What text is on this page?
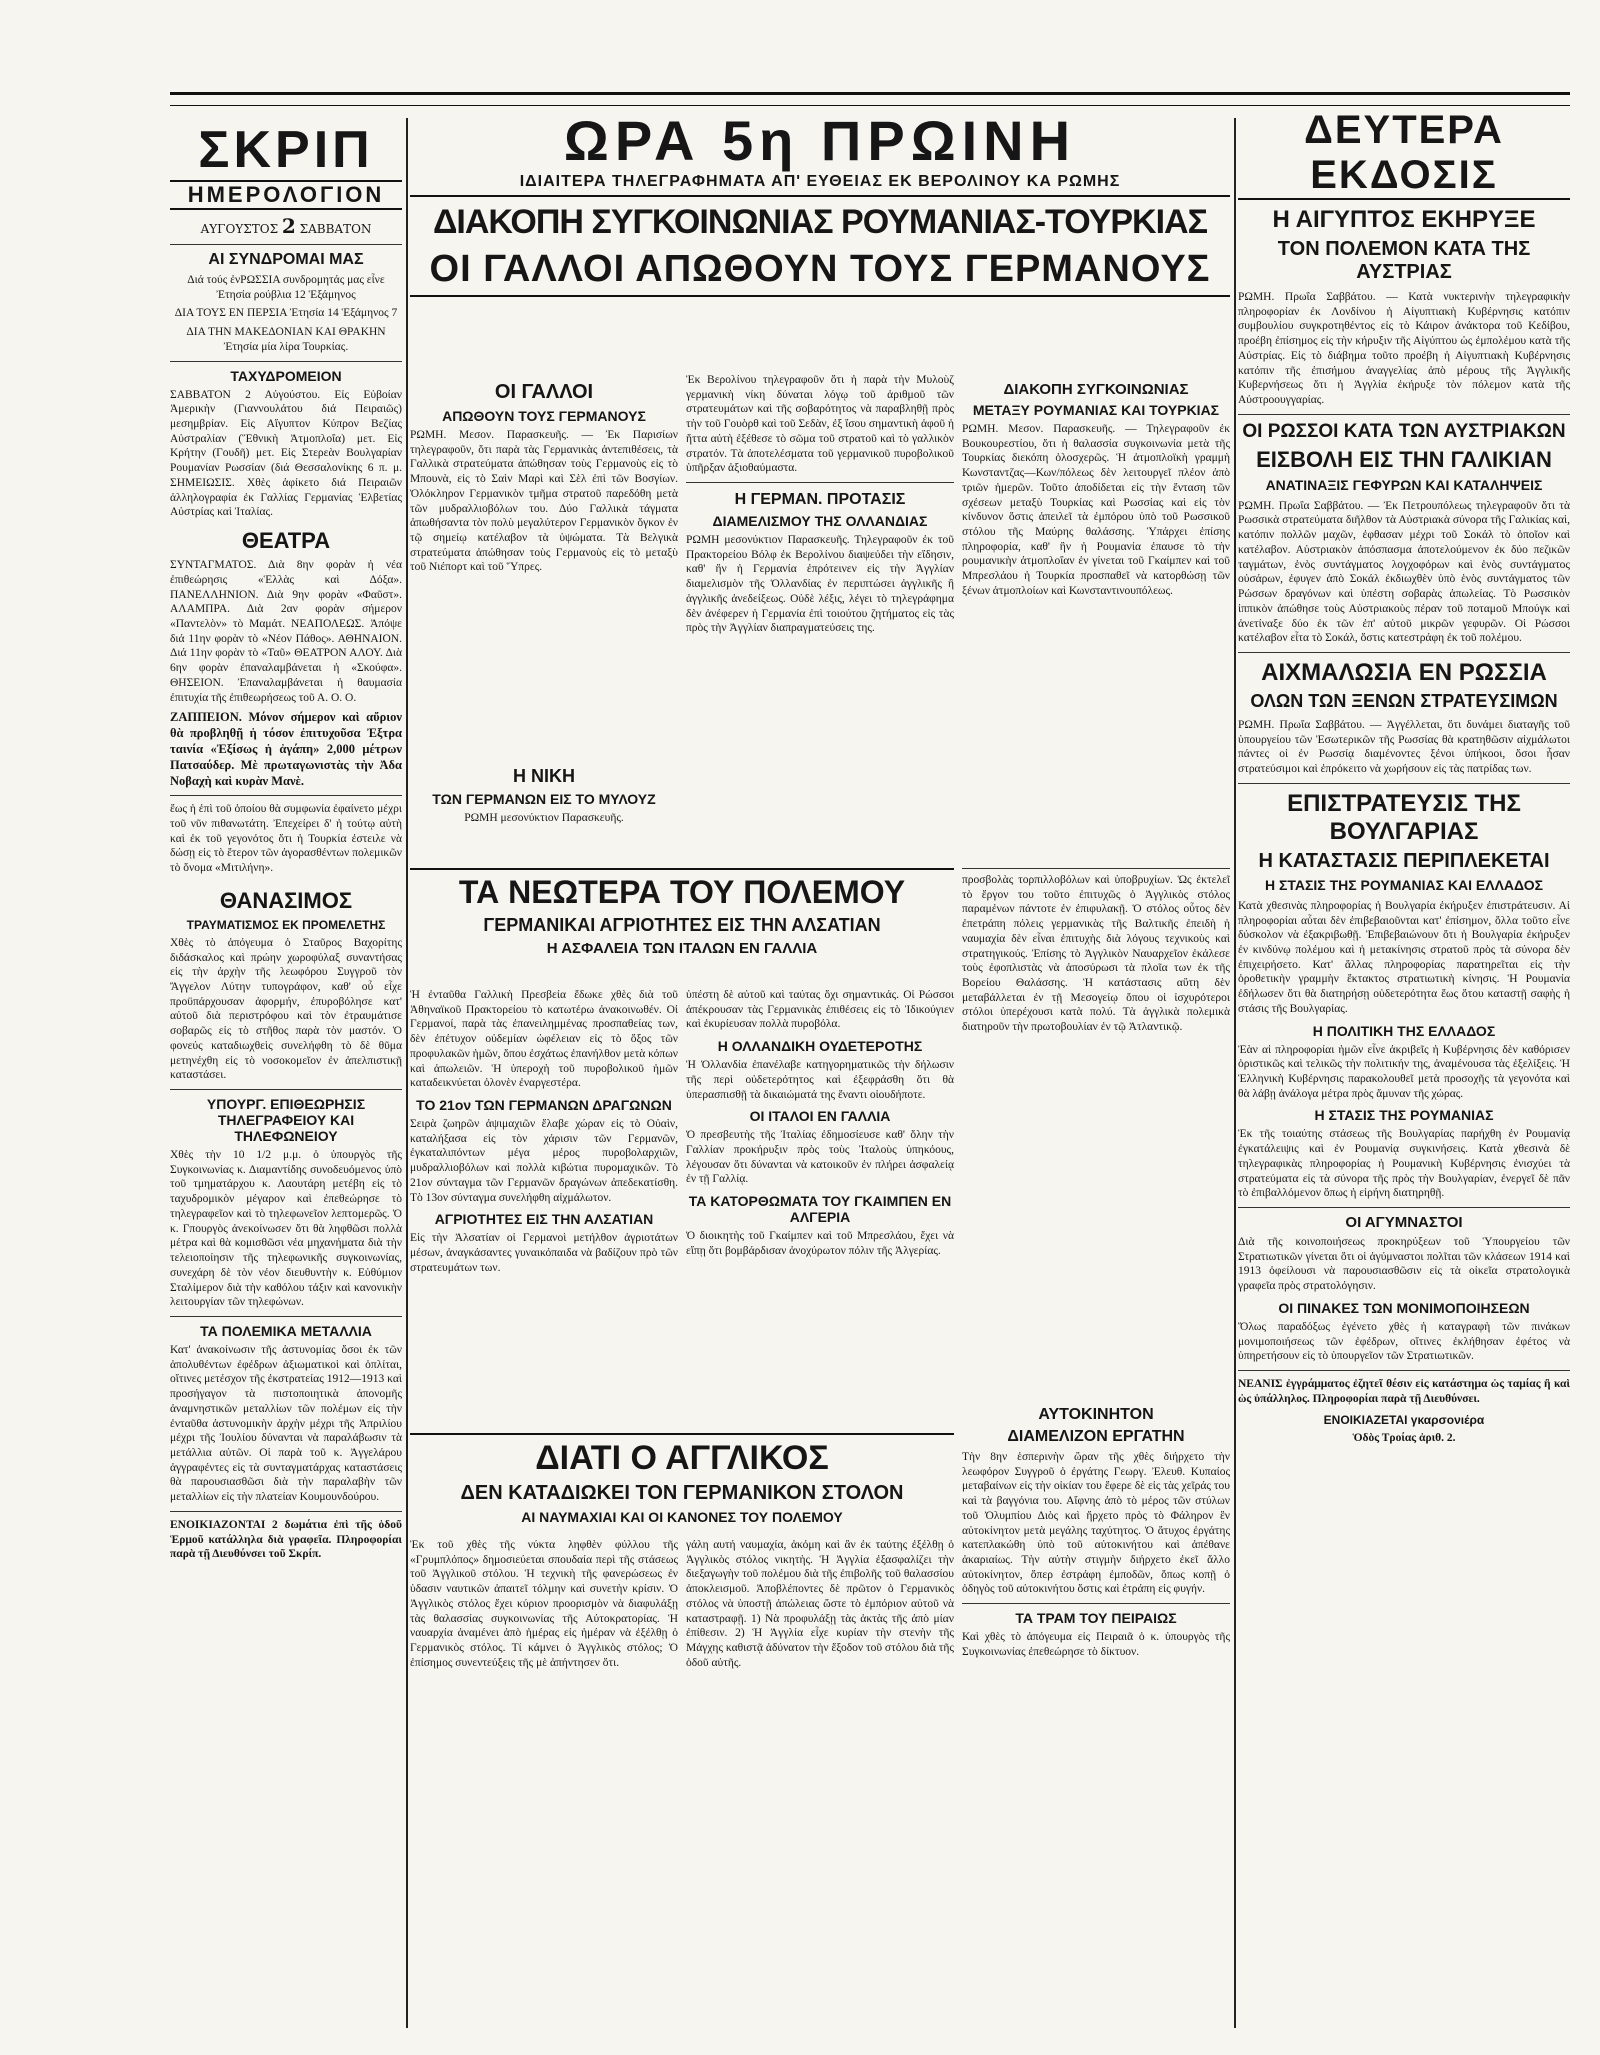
ΣΚΡΙΠ
ΗΜΕΡΟΛΟΓΙΟΝ
ΑΥΓΟΥΣΤΟΣ 2 ΣΑΒΒΑΤΟΝ
ΑΙ ΣΥΝΔΡΟΜΑΙ ΜΑΣ

Διά τούς ἐνΡΩΣΣΙΑ συνδρομητάς μας εἶνε Ἐτησία ρούβλια 12 Ἑξάμηνος

ΔΙΑ ΤΟΥΣ ΕΝ ΠΕΡΣΙΑ Ἐτησία 14 Ἑξάμηνος 7

ΔΙΑ ΤΗΝ ΜΑΚΕΔΟΝΙΑΝ ΚΑΙ ΘΡΑΚΗΝ Ἐτησία μία λίρα Τουρκίας.

ΤΑΧΥΔΡΟΜΕΙΟΝ

ΣΑΒΒΑΤΟΝ 2 Αὐγούστου. Εἰς Εὐβοίαν Ἀμερικὴν (Γιαννουλάτου διά Πειραιῶς) μεσημβρίαν. Εἰς Αἴγυπτον Κύπρον Βεζίας Αὐστραλίαν (Ἕθνικὴ Ἀτμοπλοΐα) μετ. Εἰς Κρήτην (Γουδῆ) μετ. Εἰς Στερεὰν Βουλγαρίαν Ρουμανίαν Ρωσσίαν (διά Θεσσαλονίκης 6 π. μ. ΣΗΜΕΙΩΣΙΣ. Χθὲς ἀφίκετο διά Πειραιῶν ἀλληλογραφία ἐκ Γαλλίας Γερμανίας Ἑλβετίας Αὐστρίας καὶ Ἰταλίας.

ΘΕΑΤΡΑ

ΣΥΝΤΑΓΜΑΤΟΣ. Διὰ 8ην φορὰν ἡ νέα ἐπιθεώρησις «Ἑλλὰς καὶ Δόξα». ΠΑΝΕΛΛΗΝΙΟΝ. Διὰ 9ην φορὰν «Φαῦστ». ΑΛΑΜΠΡΑ. Διὰ 2αν φορὰν σήμερον «Παντελὸν» τὸ Μαμάτ. ΝΕΑΠΟΛΕΩΣ. Ἀπόψε διά 11ην φορὰν τὸ «Νέον Πάθος». ΑΘΗΝΑΙΟΝ. Διά 11ην φορὰν τὸ «Ταῦ» ΘΕΑΤΡΟΝ ΑΛΟΥ. Διὰ 6ην φορὰν ἐπαναλαμβάνεται ἡ «Σκούφα». ΘΗΣΕΙΟΝ. Ἐπαναλαμβάνεται ἡ θαυμασία ἐπιτυχία τῆς ἐπιθεωρήσεως τοῦ Α. Ο. Ο.

ΖΑΠΠΕΙΟΝ. Μόνον σήμερον καὶ αὔριον θὰ προβληθῇ ἡ τόσον ἐπιτυχοῦσα Ἐξτρα ταινία «Ἐξίσως ἡ ἀγάπη» 2,000 μέτρων Πατσαύδερ. Μὲ πρωταγωνιστὰς τὴν Ἀδα Νοβαχὴ καὶ κυρὰν Μανὲ.

ἕως ἡ ἐπὶ τοῦ ὁποίου θὰ συμφωνία ἐφαίνετο μέχρι τοῦ νῦν πιθανωτάτη. Ἐπεχείρει δ' ἡ τούτῳ αὐτὴ καὶ ἐκ τοῦ γεγονότος ὅτι ἡ Τουρκία ἐστειλε νὰ δώσῃ εἰς τὸ ἕτερον τῶν ἀγορασθέντων πολεμικῶν τὸ ὄνομα «Μιτιλήνη».

ΘΑΝΑΣΙΜΟΣ
ΤΡΑΥΜΑΤΙΣΜΟΣ ΕΚ ΠΡΟΜΕΛΕΤΗΣ

Χθὲς τὸ ἀπόγευμα ὁ Σταῦρος Βαχορίτης διδάσκαλος καὶ πρώην χωροφύλαξ συναντήσας εἰς τὴν ἀρχὴν τῆς λεωφόρου Συγγροῦ τὸν Ἄγγελον Λύτην τυπογράφον, καθ' οὗ εἶχε προϋπάρχουσαν ἀφορμήν, ἐπυροβόλησε κατ' αὐτοῦ διὰ περιστρόφου καὶ τὸν ἐτραυμάτισε σοβαρῶς εἰς τὸ στῆθος παρὰ τὸν μαστόν. Ὁ φονεύς καταδιωχθεὶς συνελήφθη τὸ δὲ θῦμα μετηνέχθη εἰς τὸ νοσοκομεῖον ἐν ἀπελπιστικῇ καταστάσει.

ΥΠΟΥΡΓ. ΕΠΙΘΕΩΡΗΣΙΣ ΤΗΛΕΓΡΑΦΕΙΟΥ ΚΑΙ ΤΗΛΕΦΩΝΕΙΟΥ

Χθὲς τὴν 10 1/2 μ.μ. ὁ ὑπουργὸς τῆς Συγκοινωνίας κ. Διαμαντίδης συνοδευόμενος ὑπὸ τοῦ τμηματάρχου κ. Λαουτάρη μετέβη εἰς τὸ ταχυδρομικὸν μέγαρον καὶ ἐπεθεώρησε τὸ τηλεγραφεῖον καὶ τὸ τηλεφωνεῖον λεπτομερῶς. Ὁ κ. Γπουργὸς ἀνεκοίνωσεν ὅτι θὰ ληφθῶσι πολλὰ μέτρα καὶ θὰ κομισθῶσι νέα μηχανήματα διὰ τὴν τελειοποίησιν τῆς τηλεφωνικῆς συγκοινωνίας, συνεχάρη δὲ τὸν νέον διευθυντὴν κ. Εὐθύμιον Σταλίμερον διὰ τὴν καθόλου τάξιν καὶ κανονικὴν λειτουργίαν τῶν τηλεφώνων.

ΤΑ ΠΟΛΕΜΙΚΑ ΜΕΤΑΛΛΙΑ

Κατ' ἀνακοίνωσιν τῆς ἀστυνομίας ὅσοι ἐκ τῶν ἀπολυθέντων ἐφέδρων ἀξιωματικοὶ καὶ ὁπλίται, οἵτινες μετέσχον τῆς ἐκστρατείας 1912—1913 καὶ προσήγαγον τὰ πιστοποιητικὰ ἀπονομῆς ἀναμνηστικῶν μεταλλίων τῶν πολέμων εἰς τὴν ἐνταῦθα ἀστυνομικὴν ἀρχὴν μέχρι τῆς Ἀπριλίου μέχρι τῆς Ἰουλίου δύνανται νὰ παραλάβωσιν τὰ μετάλλια αὐτῶν. Οἱ παρὰ τοῦ κ. Ἀγγελάρου ἀγγραφέντες εἰς τὰ συνταγματάρχας καταστάσεις θὰ παρουσιασθῶσι διὰ τὴν παραλαβὴν τῶν μεταλλίων εἰς τὴν πλατείαν Κουμουνδούρου.

ΕΝΟΙΚΙΑΖΟΝΤΑΙ 2 δωμάτια ἐπὶ τῆς ὁδοῦ Ἑρμοῦ κατάλληλα διὰ γραφεῖα. Πληροφορίαι παρὰ τῇ Διευθύνσει τοῦ Σκρίπ.

ΩΡΑ 5η ΠΡΩΙΝΗ
ΙΔΙΑΙΤΕΡΑ ΤΗΛΕΓΡΑΦΗΜΑΤΑ ΑΠ' ΕΥΘΕΙΑΣ ΕΚ ΒΕΡΟΛΙΝΟΥ ΚΑ ΡΩΜΗΣ
ΔΙΑΚΟΠΗ ΣΥΓΚΟΙΝΩΝΙΑΣ ΡΟΥΜΑΝΙΑΣ-ΤΟΥΡΚΙΑΣ
ΟΙ ΓΑΛΛΟΙ ΑΠΩΘΟΥΝ ΤΟΥΣ ΓΕΡΜΑΝΟΥΣ
ΟΙ ΓΑΛΛΟΙ
ΑΠΩΘΟΥΝ ΤΟΥΣ ΓΕΡΜΑΝΟΥΣ

ΡΩΜΗ. Μεσον. Παρασκευῆς. — Ἐκ Παρισίων τηλεγραφοῦν, ὅτι παρὰ τὰς Γερμανικὰς ἀντεπιθέσεις, τὰ Γαλλικὰ στρατεύματα ἀπώθησαν τοὺς Γερμανοὺς εἰς τὸ Μπουνὰ, εἰς τὸ Σαὶν Μαρὶ καὶ Σὲλ ἐπὶ τῶν Βοσγίων. Ὁλόκληρον Γερμανικὸν τμῆμα στρατοῦ παρεδόθη μετὰ τῶν μυδραλλιοβόλων του. Δύο Γαλλικὰ τάγματα ἀπωθήσαντα τὸν πολὺ μεγαλύτερον Γερμανικὸν ὄγκον ἐν τῷ σημείῳ κατέλαβον τὰ ὑψώματα. Τὰ Βελγικὰ στρατεύματα ἀπώθησαν τοὺς Γερμανοὺς εἰς τὸ μεταξὺ τοῦ Νιέπορτ καὶ τοῦ Ὕπρες.

Ἐκ Βερολίνου τηλεγραφοῦν ὅτι ἡ παρὰ τὴν Μυλοὺζ γερμανικὴ νίκη δύναται λόγῳ τοῦ ἀριθμοῦ τῶν στρατευμάτων καὶ τῆς σοβαρότητος νὰ παραβληθῇ πρὸς τὴν τοῦ Γουὸρθ καὶ τοῦ Σεδὰν, ἐξ ἴσου σημαντικὴ ἀφοῦ ἡ ἥττα αὐτὴ ἐξέθεσε τὸ σῶμα τοῦ στρατοῦ καὶ τὸ γαλλικὸν στρατόν. Τὰ ἀποτελέσματα τοῦ γερμανικοῦ πυροβολικοῦ ὑπῆρξαν ἀξιοθαύμαστα.

Η ΓΕΡΜΑΝ. ΠΡΟΤΑΣΙΣ
ΔΙΑΜΕΛΙΣΜΟΥ ΤΗΣ ΟΛΛΑΝΔΙΑΣ

ΡΩΜΗ μεσονύκτιον Παρασκευῆς. Τηλεγραφοῦν ἐκ τοῦ Πρακτορείου Βόλφ ἐκ Βερολίνου διαψεύδει τὴν εἴδησιν, καθ' ἣν ἡ Γερμανία ἐπρότεινεν εἰς τὴν Ἀγγλίαν διαμελισμὸν τῆς Ὁλλανδίας ἐν περιπτώσει ἀγγλικῆς ἢ ἀγγλικῆς ἀνεδείξεως. Οὐδὲ λέξις, λέγει τὸ τηλεγράφημα δὲν ἀνέφερεν ἡ Γερμανία ἐπὶ τοιούτου ζητήματος εἰς τὰς πρὸς τὴν Ἀγγλίαν διαπραγματεύσεις της.

Η ΝΙΚΗ
ΤΩΝ ΓΕΡΜΑΝΩΝ ΕΙΣ ΤΟ ΜΥΛΟΥΖ

ΡΩΜΗ μεσονύκτιον Παρασκευῆς.

ΔΙΑΚΟΠΗ ΣΥΓΚΟΙΝΩΝΙΑΣ
ΜΕΤΑΞΥ ΡΟΥΜΑΝΙΑΣ ΚΑΙ ΤΟΥΡΚΙΑΣ

ΡΩΜΗ. Μεσον. Παρασκευῆς. — Τηλεγραφοῦν ἐκ Βουκουρεστίου, ὅτι ἡ θαλασσία συγκοινωνία μετὰ τῆς Τουρκίας διεκόπη ὁλοσχερῶς. Ἡ ἀτμοπλοϊκὴ γραμμὴ Κωνσταντζας—Κων/πόλεως δὲν λειτουργεῖ πλέον ἀπὸ τριῶν ἡμερῶν. Τοῦτο ἀποδίδεται εἰς τὴν ἔνταση τῶν σχέσεων μεταξὺ Τουρκίας καὶ Ρωσσίας καὶ εἰς τὸν κίνδυνον ὅστις ἀπειλεῖ τὰ ἐμπόρου ὑπὸ τοῦ Ρωσσικοῦ στόλου τῆς Μαύρης θαλάσσης. Ὑπάρχει ἐπίσης πληροφορία, καθ' ἣν ἡ Ρουμανία ἐπαυσε τὸ τὴν ρουμανικὴν ἀτμοπλοΐαν ἐν γίνεται τοῦ Γκαίμπεν καὶ τοῦ Μπρεσλάου ἡ Τουρκία προσπαθεῖ νὰ κατορθώσῃ τῶν ξένων ἀτμοπλοίων καὶ Κωνσταντινουπόλεως.

ΤΑ ΝΕΩΤΕΡΑ ΤΟΥ ΠΟΛΕΜΟΥ
ΓΕΡΜΑΝΙΚΑΙ ΑΓΡΙΟΤΗΤΕΣ ΕΙΣ ΤΗΝ ΑΛΣΑΤΙΑΝ
Η ΑΣΦΑΛΕΙΑ ΤΩΝ ΙΤΑΛΩΝ ΕΝ ΓΑΛΛΙΑ

Ἡ ἐνταῦθα Γαλλικὴ Πρεσβεία ἔδωκε χθὲς διὰ τοῦ Ἀθηναϊκοῦ Πρακτορείου τὸ κατωτέρω ἀνακοινωθέν. Οἱ Γερμανοί, παρὰ τὰς ἐπανειλημμένας προσπαθείας των, δὲν ἐπέτυχον οὐδεμίαν ὠφέλειαν εἰς τὸ ὄξος τῶν προφυλακῶν ἡμῶν, ὅπου ἐσχάτως ἐπανήλθον μετὰ κόπων καὶ ἀπωλειῶν. Ἡ ὑπεροχὴ τοῦ πυροβολικοῦ ἡμῶν καταδεικνύεται ὁλονὲν ἐναργεστέρα.

ΤΟ 21ον ΤΩΝ ΓΕΡΜΑΝΩΝ ΔΡΑΓΩΝΩΝ

Σειρὰ ζωηρῶν ἀψιμαχιῶν ἔλαβε χώραν εἰς τὸ Οὐαὶν, καταλήξασα εἰς τὸν χάρισιν τῶν Γερμανῶν, ἐγκαταλιπόντων μέγα μέρος πυροβολαρχιῶν, μυδραλλιοβόλων καὶ πολλὰ κιβώτια πυρομαχικῶν. Τὸ 21ον σύνταγμα τῶν Γερμανῶν δραγώνων ἀπεδεκατίσθη. Τὸ 13ον σύνταγμα συνελήφθη αἰχμάλωτον.

ΑΓΡΙΟΤΗΤΕΣ ΕΙΣ ΤΗΝ ΑΛΣΑΤΙΑΝ

Εἰς τὴν Ἀλσατίαν οἱ Γερμανοὶ μετήλθον ἀγριοτάτων μέσων, ἀναγκάσαντες γυναικόπαιδα νὰ βαδίζουν πρὸ τῶν στρατευμάτων των.

ὑπέστη δὲ αὐτοῦ καὶ ταύτας ὄχι σημαντικάς. Οἱ Ρώσσοι ἀπέκρουσαν τὰς Γερμανικὰς ἐπιθέσεις εἰς τὸ Ἰδικούγιεν καὶ ἐκυρίευσαν πολλὰ πυροβόλα.

Η ΟΛΛΑΝΔΙΚΗ ΟΥΔΕΤΕΡΟΤΗΣ

Ἡ Ὁλλανδία ἐπανέλαβε κατηγορηματικῶς τὴν δήλωσιν τῆς περὶ οὐδετερότητος καὶ ἐξεφράσθη ὅτι θὰ ὑπερασπισθῇ τὰ δικαιώματά της ἔναντι οἱουδήποτε.

ΟΙ ΙΤΑΛΟΙ ΕΝ ΓΑΛΛΙΑ

Ὁ πρεσβευτὴς τῆς Ἰταλίας ἐδημοσίευσε καθ' ὅλην τὴν Γαλλίαν προκήρυξιν πρὸς τοὺς Ἰταλοὺς ὑπηκόους, λέγουσαν ὅτι δύνανται νὰ κατοικοῦν ἐν πλήρει ἀσφαλείᾳ ἐν τῇ Γαλλίᾳ.

ΤΑ ΚΑΤΟΡΘΩΜΑΤΑ ΤΟΥ ΓΚΑΙΜΠΕΝ ΕΝ ΑΛΓΕΡΙΑ

Ὁ διοικητὴς τοῦ Γκαίμπεν καὶ τοῦ Μπρεσλάου, ἔχει νὰ εἴπῃ ὅτι βομβάρδισαν ἀνοχύρωτον πόλιν τῆς Ἀλγερίας.

προσβολὰς τορπιλλοβόλων καὶ ὑποβρυχίων. Ὡς ἐκτελεῖ τὸ ἔργον του τοῦτο ἐπιτυχῶς ὁ Ἀγγλικὸς στόλος παραμένων πάντοτε ἐν ἐπιφυλακῇ. Ὁ στόλος οὗτος δὲν ἐπετράπη πόλεις γερμανικὰς τῆς Βαλτικῆς ἐπειδὴ ἡ ναυμαχία δὲν εἶναι ἐπιτυχὴς διὰ λόγους τεχνικοὺς καὶ στρατηγικούς. Ἐπίσης τὸ Ἀγγλικὸν Ναυαρχεῖον ἐκάλεσε τοὺς ἐφοπλιστὰς νὰ ἀποσύρωσι τὰ πλοῖα των ἐκ τῆς Βορείου Θαλάσσης. Ἡ κατάστασις αὕτη δὲν μεταβάλλεται ἐν τῇ Μεσογείῳ ὅπου οἱ ἰσχυρότεροι στόλοι ὑπερέχουσι κατὰ πολύ. Τὰ ἀγγλικὰ πολεμικὰ διατηροῦν τὴν πρωτοβουλίαν ἐν τῷ Ἀτλαντικῷ.

ΔΙΑΤΙ Ο ΑΓΓΛΙΚΟΣ
ΔΕΝ ΚΑΤΑΔΙΩΚΕΙ ΤΟΝ ΓΕΡΜΑΝΙΚΟΝ ΣΤΟΛΟΝ
ΑΙ ΝΑΥΜΑΧΙΑΙ ΚΑΙ ΟΙ ΚΑΝΟΝΕΣ ΤΟΥ ΠΟΛΕΜΟΥ

Ἐκ τοῦ χθὲς τῆς νύκτα ληφθὲν φύλλου τῆς «Γρυμπλόπος» δημοσιεύεται σπουδαία περὶ τῆς στάσεως τοῦ Ἀγγλικοῦ στόλου. Ἡ τεχνικὴ τῆς φανερώσεως ἐν ὑδασιν ναυτικῶν ἀπαιτεῖ τόλμην καὶ συνετὴν κρίσιν. Ὁ Ἀγγλικὸς στόλος ἔχει κύριον προορισμὸν νὰ διαφυλάξῃ τὰς θαλασσίας συγκοινωνίας τῆς Αὐτοκρατορίας. Ἡ ναυαρχία ἀναμένει ἀπὸ ἡμέρας εἰς ἡμέραν νὰ ἐξέλθῃ ὁ Γερμανικὸς στόλος. Τί κάμνει ὁ Ἀγγλικὸς στόλος; Ὁ ἐπίσημος συνεντεύξεις τῆς μὲ ἀπήντησεν ὅτι.

γάλη αυτή ναυμαχία, ἀκόμη καὶ ἂν ἐκ ταύτης ἐξέλθῃ ὁ Ἀγγλικὸς στόλος νικητὴς. Ἡ Ἀγγλία ἐξασφαλίζει τὴν διεξαγωγὴν τοῦ πολέμου διὰ τῆς ἐπιβολῆς τοῦ θαλασσίου ἀποκλεισμοῦ. Ἀποβλέποντες δὲ πρῶτον ὁ Γερμανικὸς στόλος νὰ ὑποστῇ ἀπώλειας ὥστε τὸ ἐμπόριον αὐτοῦ νὰ καταστραφῇ. 1) Νὰ προφυλάξῃ τὰς ἀκτὰς τῆς ἀπὸ μίαν ἐπίθεσιν. 2) Ἡ Ἀγγλία εἶχε κυρίαν τὴν στενὴν τῆς Μάγχης καθιστᾷ ἀδύνατον τὴν ἔξοδον τοῦ στόλου διὰ τῆς ὁδοῦ αὐτῆς.

ΑΥΤΟΚΙΝΗΤΟΝ
ΔΙΑΜΕΛΙΖΟΝ ΕΡΓΑΤΗΝ

Τὴν 8ην ἑσπερινὴν ὥραν τῆς χθὲς διήρχετο τὴν λεωφόρον Συγγροῦ ὁ ἐργάτης Γεωργ. Ἐλευθ. Κυπαίος μεταβαίνων εἰς τὴν οἰκίαν του ἔφερε δὲ εἰς τὰς χεῖράς του καὶ τὰ βαγγόνια του. Αἴφνης ἀπὸ τὸ μέρος τῶν στύλων τοῦ Ὀλυμπίου Διὸς καὶ ἤρχετο πρὸς τὸ Φάληρον ἓν αὐτοκίνητον μετὰ μεγάλης ταχύτητος. Ὁ ἄτυχος ἐργάτης κατεπλακώθη ὑπὸ τοῦ αὐτοκινήτου καὶ ἀπέθανε ἀκαριαίως. Τὴν αὐτὴν στιγμὴν διήρχετο ἐκεῖ ἄλλο αὐτοκίνητον, ὅπερ ἐστράφη ἐμποδῶν, ὅπως κοπῇ ὁ ὁδηγὸς τοῦ αὐτοκινήτου ὅστις καὶ ἐτράπη εἰς φυγήν.

ΤΑ ΤΡΑΜ ΤΟΥ ΠΕΙΡΑΙΩΣ

Καὶ χθὲς τὸ ἀπόγευμα εἰς Πειραιᾶ ὁ κ. ὑπουργὸς τῆς Συγκοινωνίας ἐπεθεώρησε τὸ δίκτυον.

ΔΕΥΤΕΡΑ ΕΚΔΟΣΙΣ
Η ΑΙΓΥΠΤΟΣ ΕΚΗΡΥΞΕ
ΤΟΝ ΠΟΛΕΜΟΝ ΚΑΤΑ ΤΗΣ ΑΥΣΤΡΙΑΣ

ΡΩΜΗ. Πρωΐα Σαββάτου. — Κατὰ νυκτερινὴν τηλεγραφικὴν πληροφορίαν ἐκ Λονδίνου ἡ Αἰγυπτιακὴ Κυβέρνησις κατόπιν συμβουλίου συγκροτηθέντος εἰς τὸ Κάιρον ἀνάκτορα τοῦ Κεδίβου, προέβη ἐπίσημος εἰς τὴν κήρυξιν τῆς Αἰγύπτου ὡς ἐμπολέμου κατὰ τῆς Αὐστρίας. Εἰς τὸ διάβημα τοῦτο προέβη ἡ Αἰγυπτιακὴ Κυβέρνησις κατόπιν τῆς ἐπισήμου ἀναγγελίας ἀπὸ μέρους τῆς Ἀγγλικῆς Κυβερνήσεως ὅτι ἡ Ἀγγλία ἐκήρυξε τὸν πόλεμον κατὰ τῆς Αὐστροουγγαρίας.

ΟΙ ΡΩΣΣΟΙ ΚΑΤΑ ΤΩΝ ΑΥΣΤΡΙΑΚΩΝ
ΕΙΣΒΟΛΗ ΕΙΣ ΤΗΝ ΓΑΛΙΚΙΑΝ
ΑΝΑΤΙΝΑΞΙΣ ΓΕΦΥΡΩΝ ΚΑΙ ΚΑΤΑΛΗΨΕΙΣ

ΡΩΜΗ. Πρωΐα Σαββάτου. — Ἐκ Πετρουπόλεως τηλεγραφοῦν ὅτι τὰ Ρωσσικὰ στρατεύματα διῆλθον τὰ Αὐστριακὰ σύνορα τῆς Γαλικίας καὶ, κατόπιν πολλῶν μαχῶν, ἐφθασαν μέχρι τοῦ Σοκάλ τὸ ὁποῖον καὶ κατέλαβον. Αὐστριακὸν ἀπόσπασμα ἀποτελούμενον ἐκ δύο πεζικῶν ταγμάτων, ἑνὸς συντάγματος λογχοφόρων καὶ ἑνὸς συντάγματος οὐσάρων, ἐφυγεν ἀπὸ Σοκάλ ἐκδιωχθὲν ὑπὸ ἑνὸς συντάγματος τῶν Ρώσσων δραγόνων καὶ ὑπέστη σοβαρὰς ἀπωλείας. Τὸ Ρωσσικὸν ἱππικὸν ἀπώθησε τοὺς Αὐστριακοὺς πέραν τοῦ ποταμοῦ Μπούγκ καὶ ἀνετίναξε δύο ἐκ τῶν ἐπ' αὐτοῦ μικρῶν γεφυρῶν. Οἱ Ρώσσοι κατέλαβον εἶτα τὸ Σοκάλ, ὅστις κατεστράφη ἐκ τοῦ πολέμου.

ΑΙΧΜΑΛΩΣΙΑ ΕΝ ΡΩΣΣΙΑ
ΟΛΩΝ ΤΩΝ ΞΕΝΩΝ ΣΤΡΑΤΕΥΣΙΜΩΝ

ΡΩΜΗ. Πρωΐα Σαββάτου. — Ἀγγέλλεται, ὅτι δυνάμει διαταγῆς τοῦ ὑπουργείου τῶν Ἐσωτερικῶν τῆς Ρωσσίας θὰ κρατηθῶσιν αἰχμάλωτοι πάντες οἱ ἐν Ρωσσίᾳ διαμένοντες ξένοι ὑπήκοοι, ὅσοι ἦσαν στρατεύσιμοι καὶ ἐπρόκειτο νὰ χωρήσουν εἰς τὰς πατρίδας των.

ΕΠΙΣΤΡΑΤΕΥΣΙΣ ΤΗΣ ΒΟΥΛΓΑΡΙΑΣ
Η ΚΑΤΑΣΤΑΣΙΣ ΠΕΡΙΠΛΕΚΕΤΑΙ
Η ΣΤΑΣΙΣ ΤΗΣ ΡΟΥΜΑΝΙΑΣ ΚΑΙ ΕΛΛΑΔΟΣ

Κατὰ χθεσινὰς πληροφορίας ἡ Βουλγαρία ἐκήρυξεν ἐπιστράτευσιν. Αἱ πληροφορίαι αὗται δὲν ἐπιβεβαιοῦνται κατ' ἐπίσημον, ὅλλα τοῦτο εἶνε δύσκολον νὰ ἐξακριβωθῇ. Ἐπιβεβαιώνουν ὅτι ἡ Βουλγαρία ἐκήρυξεν ἐν κινδύνῳ πολέμου καὶ ἡ μετακίνησις στρατοῦ πρὸς τὰ σύνορα δὲν ἐπιχειρήσετο. Κατ' ἄλλας πληροφορίας παρατηρεῖται εἰς τὴν ὁροθετικὴν γραμμὴν ἔκτακτος στρατιωτικὴ κίνησις. Ἡ Ρουμανία ἐδήλωσεν ὅτι θὰ διατηρήσῃ οὐδετερότητα ἕως ὅτου καταστῇ σαφὴς ἡ στάσις τῆς Βουλγαρίας.

Η ΠΟΛΙΤΙΚΗ ΤΗΣ ΕΛΛΑΔΟΣ

Ἐὰν αἱ πληροφορίαι ἡμῶν εἶνε ἀκριβεῖς ἡ Κυβέρνησις δὲν καθόρισεν ὁριστικῶς καὶ τελικῶς τὴν πολιτικήν της, ἀναμένουσα τὰς ἐξελίξεις. Ἡ Ἑλληνικὴ Κυβέρνησις παρακολουθεῖ μετὰ προσοχῆς τὰ γεγονότα καὶ θὰ λάβῃ ἀνάλογα μέτρα πρὸς ἄμυναν τῆς χώρας.

Η ΣΤΑΣΙΣ ΤΗΣ ΡΟΥΜΑΝΙΑΣ

Ἐκ τῆς τοιαύτης στάσεως τῆς Βουλγαρίας παρήχθη ἐν Ρουμανίᾳ ἐγκατάλειψις καὶ ἐν Ρουμανίᾳ συγκινήσεις. Κατὰ χθεσινὰ δὲ τηλεγραφικὰς πληροφορίας ἡ Ρουμανικὴ Κυβέρνησις ἐνισχύει τὰ στρατεύματα εἰς τὰ σύνορα τῆς πρὸς τὴν Βουλγαρίαν, ἐνεργεῖ δὲ πᾶν τὸ ἐπιβαλλόμενον ὅπως ἡ εἰρήνη διατηρηθῇ.

ΟΙ ΑΓΥΜΝΑΣΤΟΙ

Διὰ τῆς κοινοποιήσεως προκηρύξεων τοῦ Ὑπουργείου τῶν Στρατιωτικῶν γίνεται ὅτι οἱ ἀγύμναστοι πολῖται τῶν κλάσεων 1914 καὶ 1913 ὀφείλουσι νὰ παρουσιασθῶσιν εἰς τὰ οἰκεῖα στρατολογικὰ γραφεῖα πρὸς στρατολόγησιν.

ΟΙ ΠΙΝΑΚΕΣ ΤΩΝ ΜΟΝΙΜΟΠΟΙΗΣΕΩΝ

Ὅλως παραδόξως ἐγένετο χθὲς ἡ καταγραφὴ τῶν πινάκων μονιμοποιήσεως τῶν ἐφέδρων, οἵτινες ἐκλήθησαν ἐφέτος νὰ ὑπηρετήσουν εἰς τὸ ὑπουργεῖον τῶν Στρατιωτικῶν.

ΝΕΑΝΙΣ ἐγγράμματος ἐζητεῖ θέσιν εἰς κατάστημα ὡς ταμίας ἢ καὶ ὡς ὑπάλληλος. Πληροφορίαι παρὰ τῇ Διευθύνσει.

ΕΝΟΙΚΙΑΖΕΤΑΙ γκαρσονιέρα

Ὁδὸς Τροίας ἀριθ. 2.
